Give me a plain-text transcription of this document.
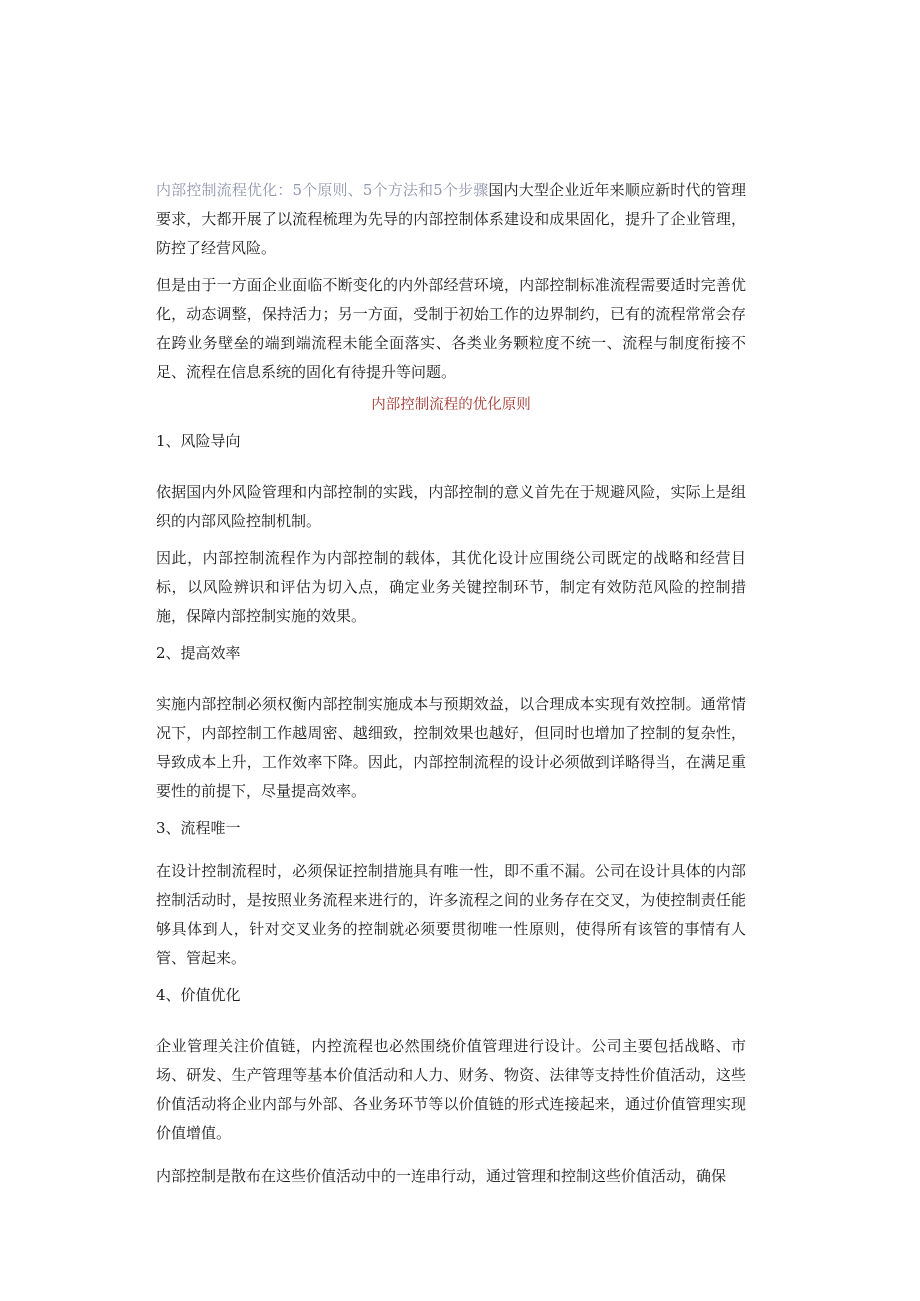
内部控制流程优化：5个原则、5个方法和5个步骤国内大型企业近年来顺应新时代的管理要求，大都开展了以流程梳理为先导的内部控制体系建设和成果固化，提升了企业管理，防控了经营风险。

但是由于一方面企业面临不断变化的内外部经营环境，内部控制标准流程需要适时完善优化，动态调整，保持活力；另一方面，受制于初始工作的边界制约，已有的流程常常会存在跨业务壁垒的端到端流程未能全面落实、各类业务颗粒度不统一、流程与制度衔接不足、流程在信息系统的固化有待提升等问题。

内部控制流程的优化原则
1、风险导向

依据国内外风险管理和内部控制的实践，内部控制的意义首先在于规避风险，实际上是组织的内部风险控制机制。

因此，内部控制流程作为内部控制的载体，其优化设计应围绕公司既定的战略和经营目标，以风险辨识和评估为切入点，确定业务关键控制环节，制定有效防范风险的控制措施，保障内部控制实施的效果。

2、提高效率

实施内部控制必须权衡内部控制实施成本与预期效益，以合理成本实现有效控制。通常情况下，内部控制工作越周密、越细致，控制效果也越好，但同时也增加了控制的复杂性，导致成本上升，工作效率下降。因此，内部控制流程的设计必须做到详略得当，在满足重要性的前提下，尽量提高效率。

3、流程唯一

在设计控制流程时，必须保证控制措施具有唯一性，即不重不漏。公司在设计具体的内部控制活动时，是按照业务流程来进行的，许多流程之间的业务存在交叉，为使控制责任能够具体到人，针对交叉业务的控制就必须要贯彻唯一性原则，使得所有该管的事情有人管、管起来。

4、价值优化

企业管理关注价值链，内控流程也必然围绕价值管理进行设计。公司主要包括战略、市场、研发、生产管理等基本价值活动和人力、财务、物资、法律等支持性价值活动，这些价值活动将企业内部与外部、各业务环节等以价值链的形式连接起来，通过价值管理实现价值增值。

内部控制是散布在这些价值活动中的一连串行动，通过管理和控制这些价值活动，确保
